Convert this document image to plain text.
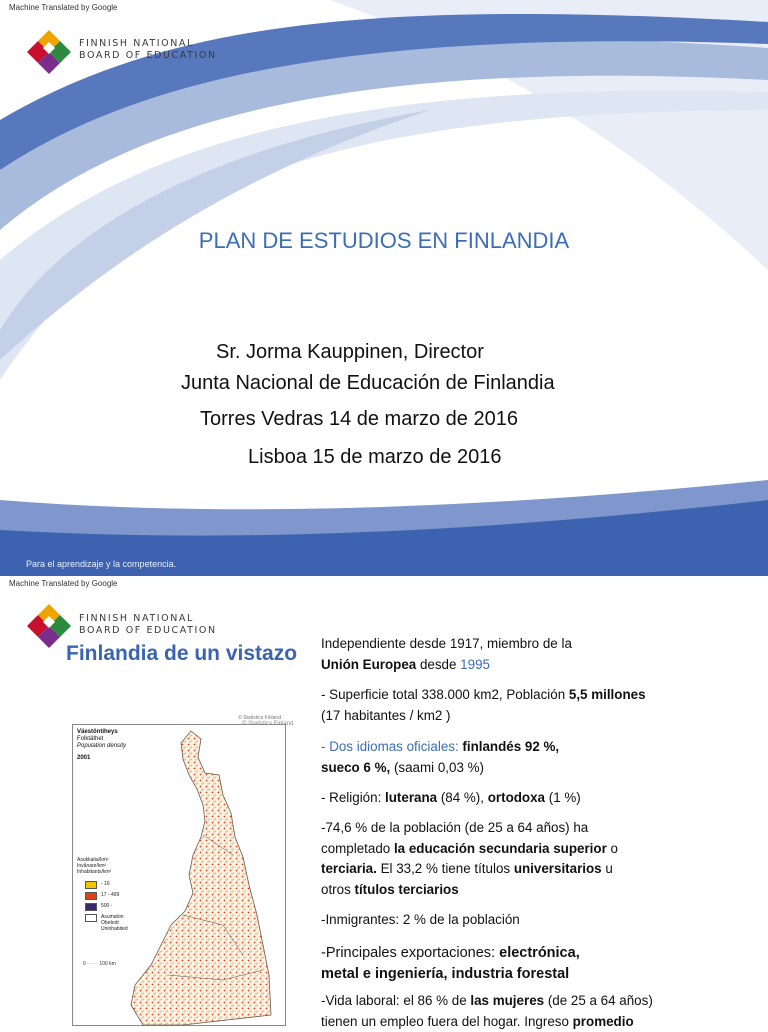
Machine Translated by Google
FINNISH NATIONAL
BOARD OF EDUCATION
PLAN DE ESTUDIOS EN FINLANDIA
Sr. Jorma Kauppinen, Director
Junta Nacional de Educación de Finlandia
Torres Vedras 14 de marzo de 2016
Lisboa 15 de marzo de 2016
Para el aprendizaje y la competencia.
Machine Translated by Google
FINNISH NATIONAL
BOARD OF EDUCATION
Finlandia de un vistazo
Väestöntiheys
Folktäthet
Population density
2001
Asukkaita/km² Invånare/km² Inhabitants/km²
- 16
17 - 499
500 -
Asumaton Obebott Uninhabited
0 · · · · 100 km
© Statistics Finland
© Statistics Finland
Independiente desde 1917, miembro de la
Unión Europea desde 1995
- Superficie total 338.000 km2, Población 5,5 millones
(17 habitantes / km2 )
- Dos idiomas oficiales: finlandés 92 %,
sueco 6 %, (saami 0,03 %)
- Religión: luterana (84 %), ortodoxa (1 %)
-74,6 % de la población (de 25 a 64 años) ha
completado la educación secundaria superior o
terciaria. El 33,2 % tiene títulos universitarios u
otros títulos terciarios
-Inmigrantes: 2 % de la población
-Principales exportaciones: electrónica,
metal e ingeniería, industria forestal
-Vida laboral: el 86 % de las mujeres (de 25 a 64 años)
tienen un empleo fuera del hogar. Ingreso promedio
